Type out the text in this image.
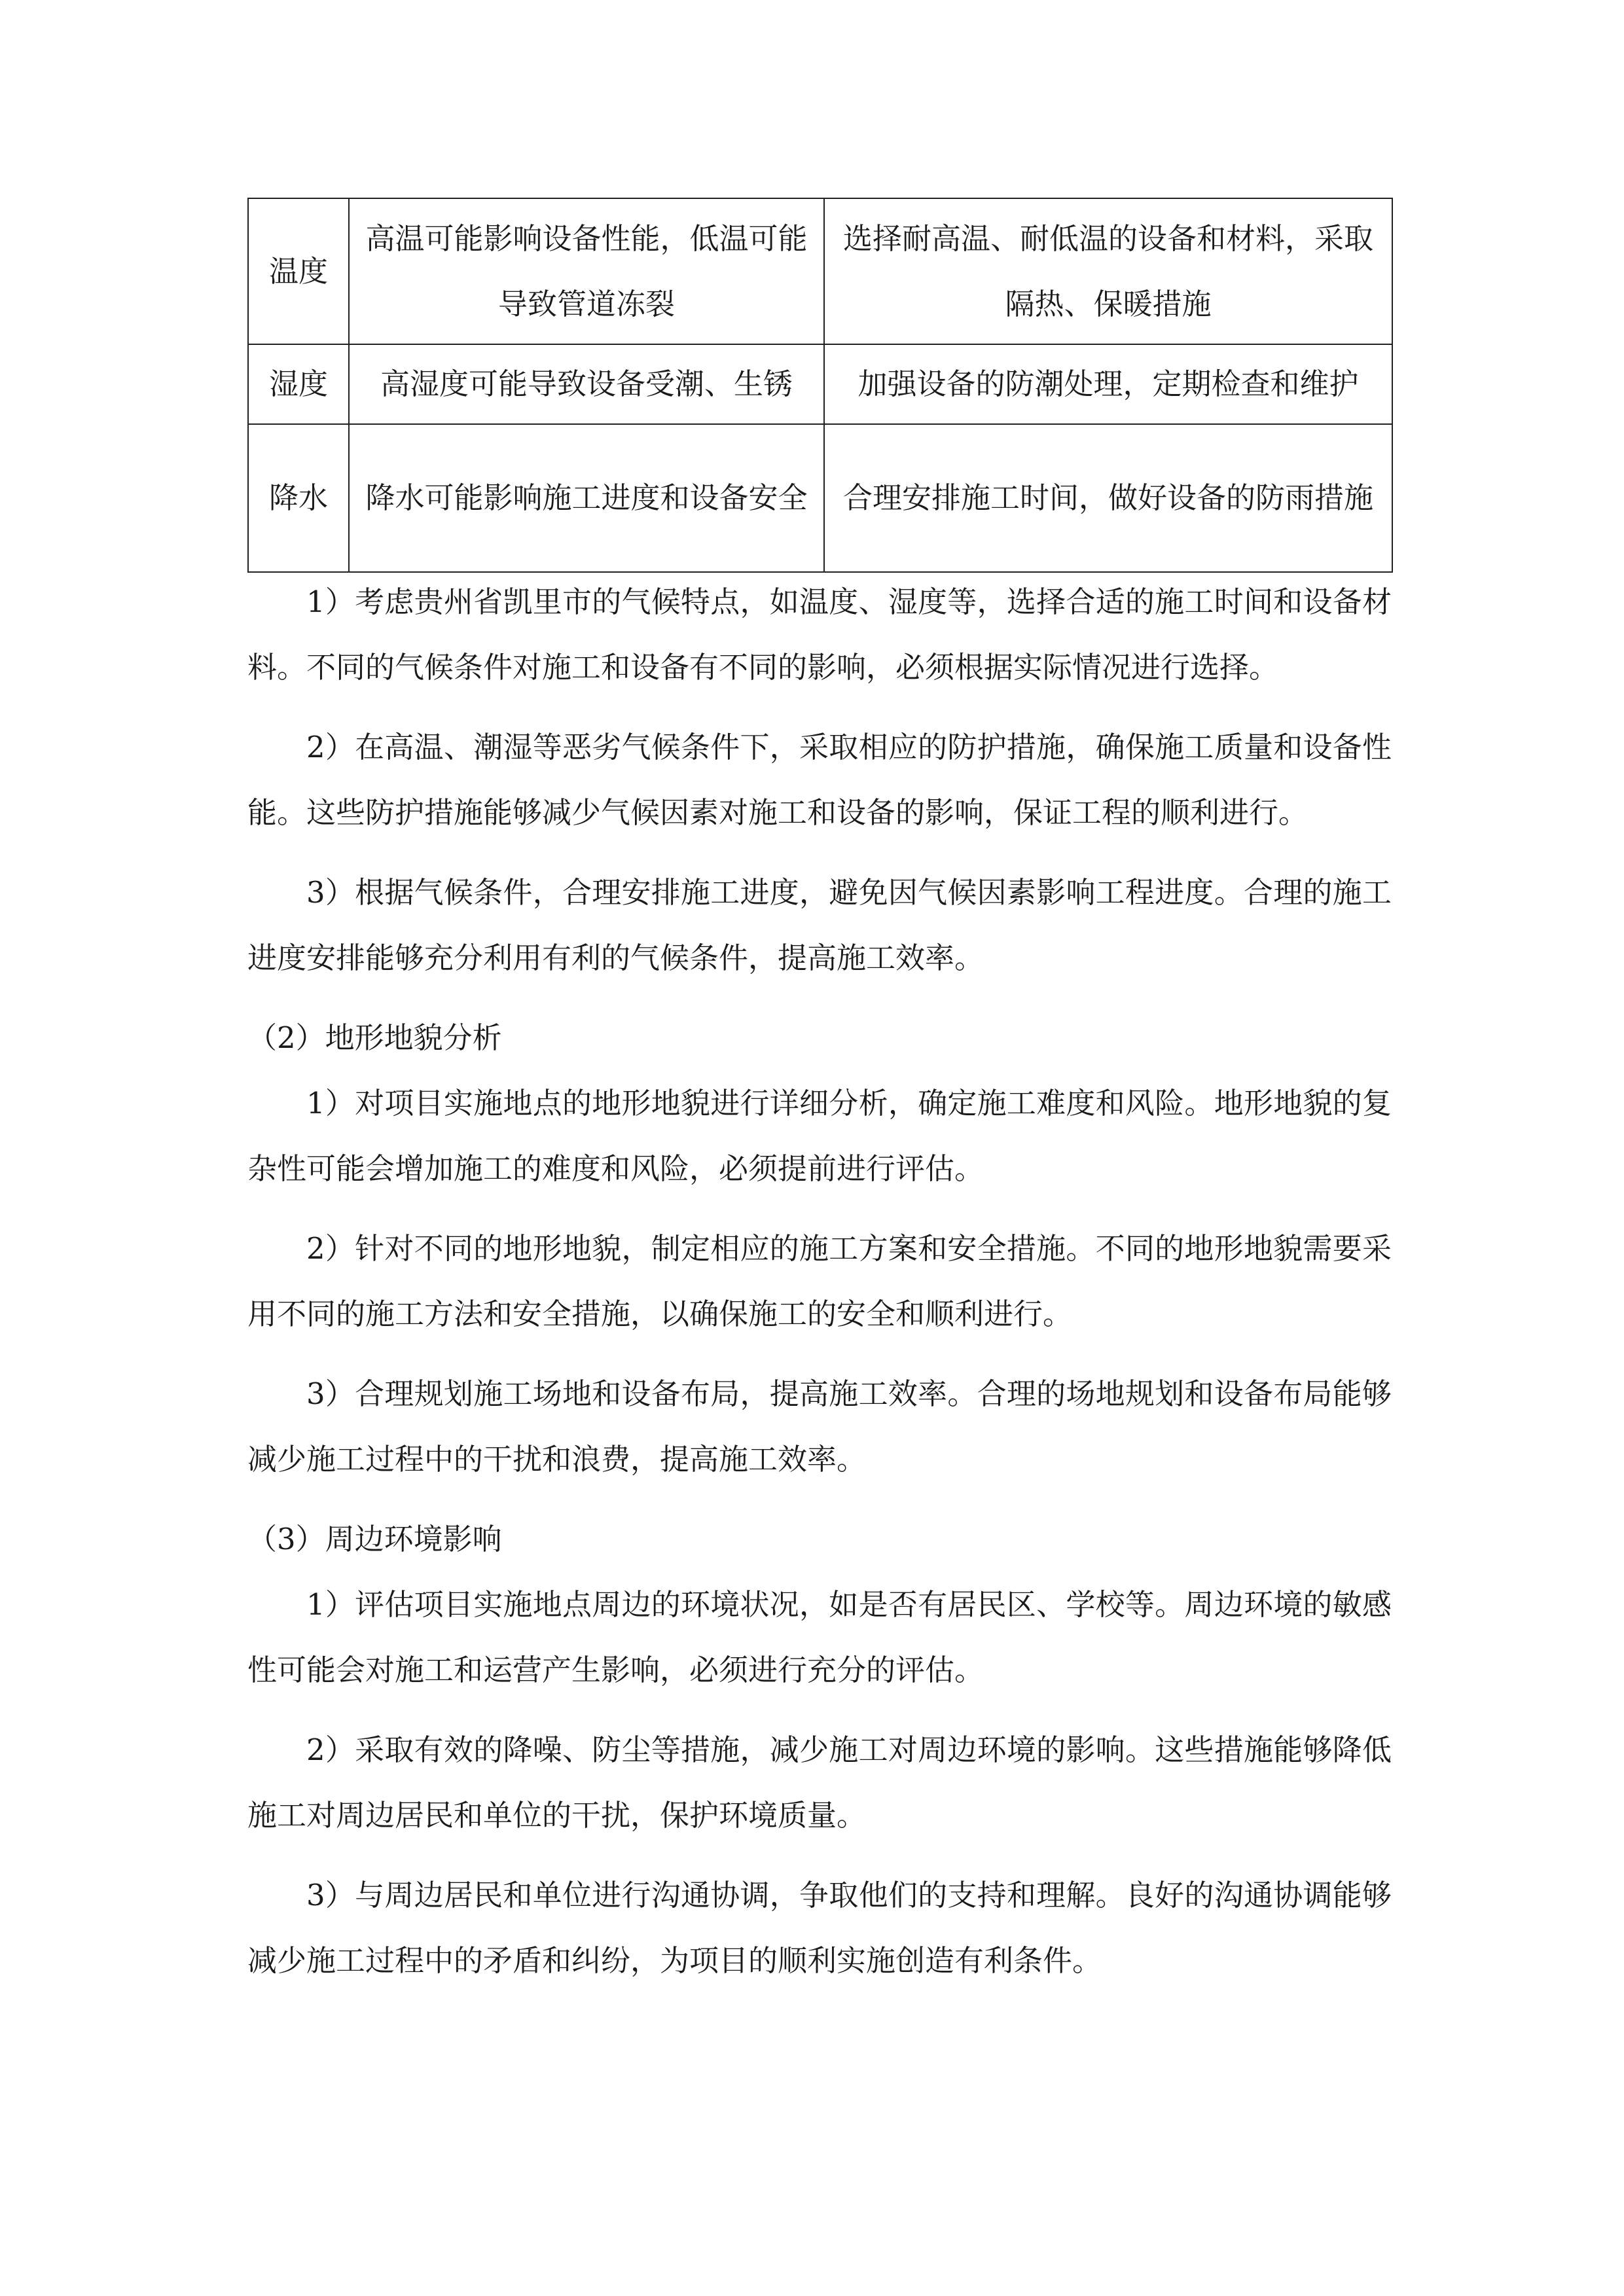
温度	高温可能影响设备性能，低温可能导致管道冻裂	选择耐高温、耐低温的设备和材料，采取隔热、保暖措施
湿度	高湿度可能导致设备受潮、生锈	加强设备的防潮处理，定期检查和维护
降水	降水可能影响施工进度和设备安全	合理安排施工时间，做好设备的防雨措施

1）考虑贵州省凯里市的气候特点，如温度、湿度等，选择合适的施工时间和设备材料。不同的气候条件对施工和设备有不同的影响，必须根据实际情况进行选择。

2）在高温、潮湿等恶劣气候条件下，采取相应的防护措施，确保施工质量和设备性能。这些防护措施能够减少气候因素对施工和设备的影响，保证工程的顺利进行。

3）根据气候条件，合理安排施工进度，避免因气候因素影响工程进度。合理的施工进度安排能够充分利用有利的气候条件，提高施工效率。

（2）地形地貌分析

1）对项目实施地点的地形地貌进行详细分析，确定施工难度和风险。地形地貌的复杂性可能会增加施工的难度和风险，必须提前进行评估。

2）针对不同的地形地貌，制定相应的施工方案和安全措施。不同的地形地貌需要采用不同的施工方法和安全措施，以确保施工的安全和顺利进行。

3）合理规划施工场地和设备布局，提高施工效率。合理的场地规划和设备布局能够减少施工过程中的干扰和浪费，提高施工效率。

（3）周边环境影响

1）评估项目实施地点周边的环境状况，如是否有居民区、学校等。周边环境的敏感性可能会对施工和运营产生影响，必须进行充分的评估。

2）采取有效的降噪、防尘等措施，减少施工对周边环境的影响。这些措施能够降低施工对周边居民和单位的干扰，保护环境质量。

3）与周边居民和单位进行沟通协调，争取他们的支持和理解。良好的沟通协调能够减少施工过程中的矛盾和纠纷，为项目的顺利实施创造有利条件。
